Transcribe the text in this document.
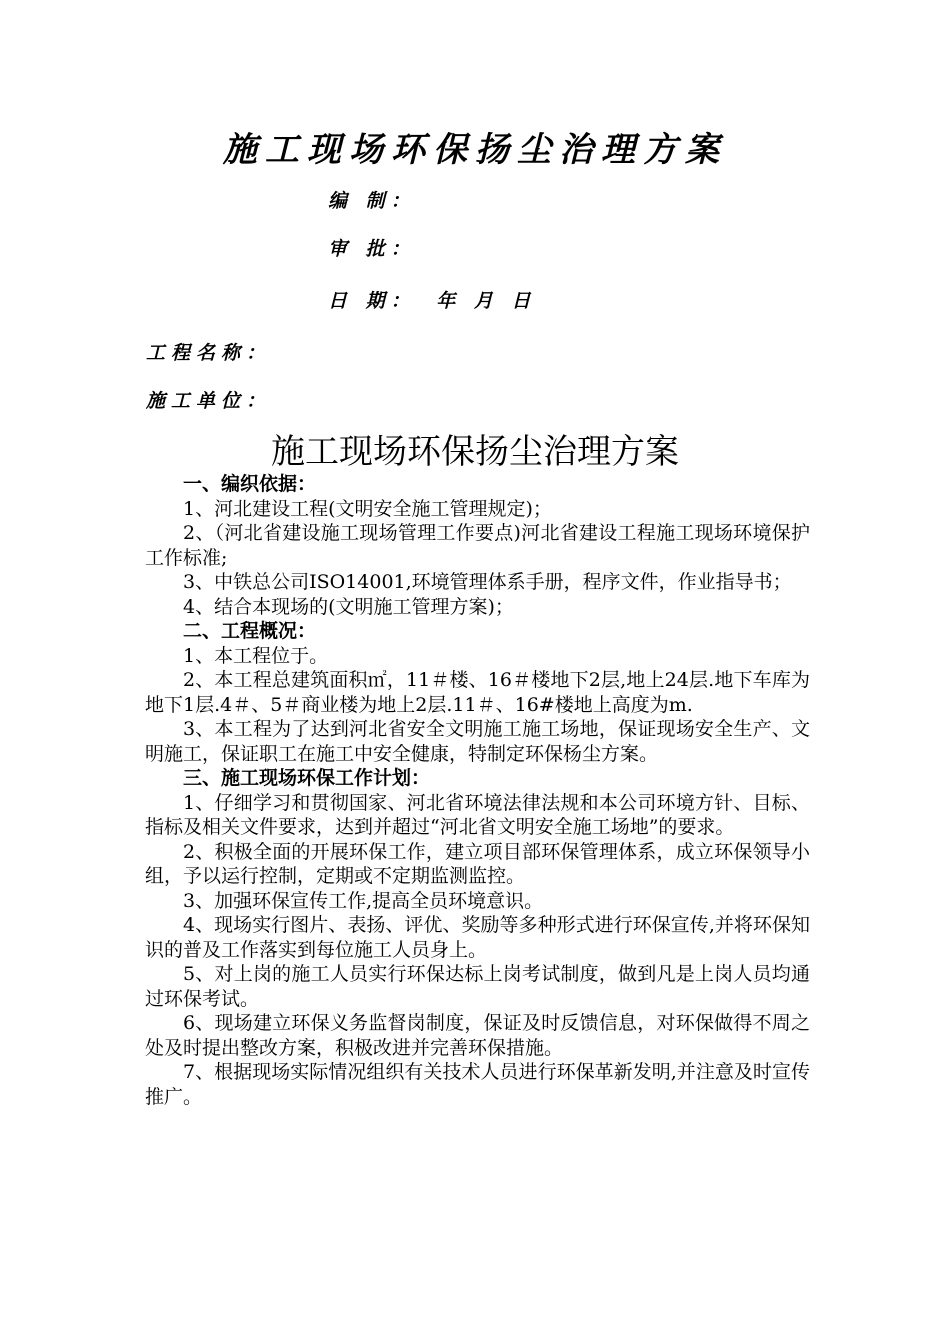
施工现场环保扬尘治理方案
编 制：
审 批：
日 期： 年 月 日
工程名称：
施工单位：
施工现场环保扬尘治理方案

一、编织依据：

1、河北建设工程(文明安全施工管理规定)；

2、（河北省建设施工现场管理工作要点)河北省建设工程施工现场环境保护工作标准;

3、中铁总公司ISO14001,环境管理体系手册，程序文件，作业指导书；

4、结合本现场的(文明施工管理方案)；

二、工程概况：

1、本工程位于。

2、本工程总建筑面积㎡，11＃楼、16＃楼地下2层,地上24层.地下车库为地下1层.4＃、5＃商业楼为地上2层.11＃、16#楼地上高度为m.

3、本工程为了达到河北省安全文明施工施工场地，保证现场安全生产、文明施工，保证职工在施工中安全健康，特制定环保杨尘方案。

三、施工现场环保工作计划：

1、仔细学习和贯彻国家、河北省环境法律法规和本公司环境方针、目标、指标及相关文件要求，达到并超过“河北省文明安全施工场地”的要求。

2、积极全面的开展环保工作，建立项目部环保管理体系，成立环保领导小组，予以运行控制，定期或不定期监测监控。

3、加强环保宣传工作,提高全员环境意识。

4、现场实行图片、表扬、评优、奖励等多种形式进行环保宣传,并将环保知识的普及工作落实到每位施工人员身上。

5、对上岗的施工人员实行环保达标上岗考试制度，做到凡是上岗人员均通过环保考试。

6、现场建立环保义务监督岗制度，保证及时反馈信息，对环保做得不周之处及时提出整改方案，积极改进并完善环保措施。

7、根据现场实际情况组织有关技术人员进行环保革新发明,并注意及时宣传推广。
